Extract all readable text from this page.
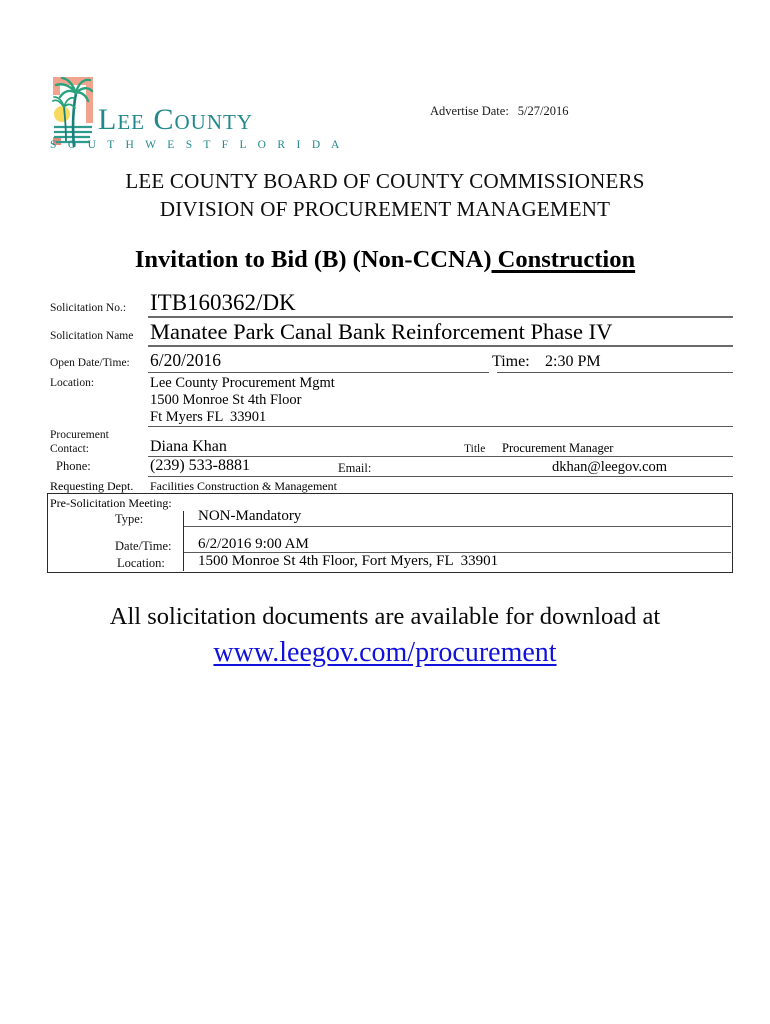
Lee County
S O U T H W E S T F L O R I D A
Advertise Date: 5/27/2016
LEE COUNTY BOARD OF COUNTY COMMISSIONERS
DIVISION OF PROCUREMENT MANAGEMENT
Invitation to Bid (B) (Non-CCNA) Construction
Solicitation No.: ITB160362/DK
Solicitation Name Manatee Park Canal Bank Reinforcement Phase IV
Open Date/Time: 6/20/2016	Time: 2:30 PM
Location:	Lee County Procurement Mgmt
1500 Monroe St 4th Floor
Ft Myers FL  33901
Procurement
Contact:	Diana Khan	Title Procurement Manager
Phone:	(239) 533-8881	Email:	dkhan@leegov.com
Requesting Dept. Facilities Construction & Management
Pre-Solicitation Meeting:
Type:	NON-Mandatory
Date/Time: 6/2/2016 9:00 AM
Location: 1500 Monroe St 4th Floor, Fort Myers, FL  33901
All solicitation documents are available for download at
www.leegov.com/procurement
